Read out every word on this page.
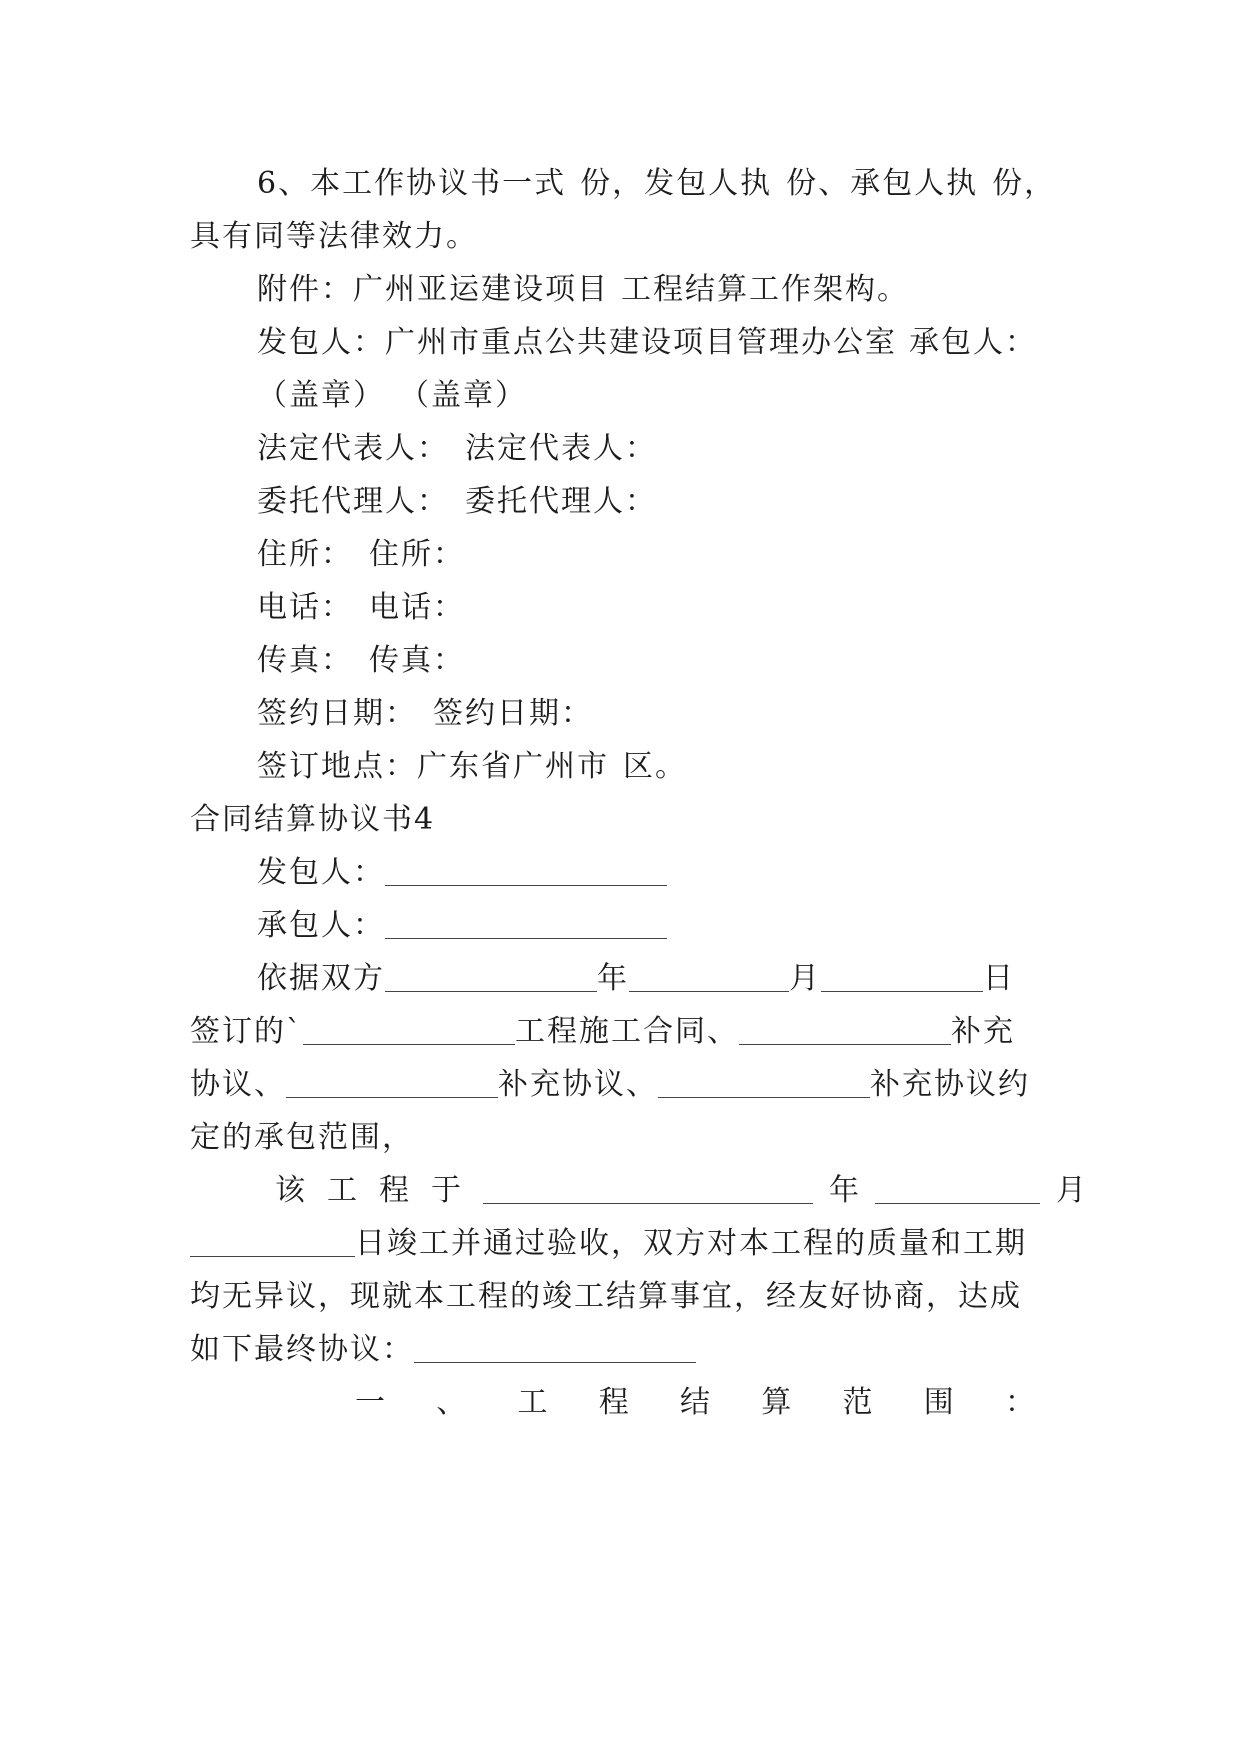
6、本工作协议书一式 份，发包人执 份、承包人执 份，
具有同等法律效力。
附件：广州亚运建设项目 工程结算工作架构。
发包人：广州市重点公共建设项目管理办公室 承包人：
（盖章） （盖章）
法定代表人： 法定代表人：
委托代理人： 委托代理人：
住所： 住所：
电话： 电话：
传真： 传真：
签约日期： 签约日期：
签订地点：广东省广州市 区。
合同结算协议书4
发包人：
承包人：
依据双方	年	月	日
签订的`	工程施工合同、	补充
协议、	补充协议、	补充协议约
定的承包范围，
该 工 程 于	年	月
日竣工并通过验收，双方对本工程的质量和工期
均无异议，现就本工程的竣工结算事宜，经友好协商，达成
如下最终协议：
一 、 工 程 结 算 范 围 ：
